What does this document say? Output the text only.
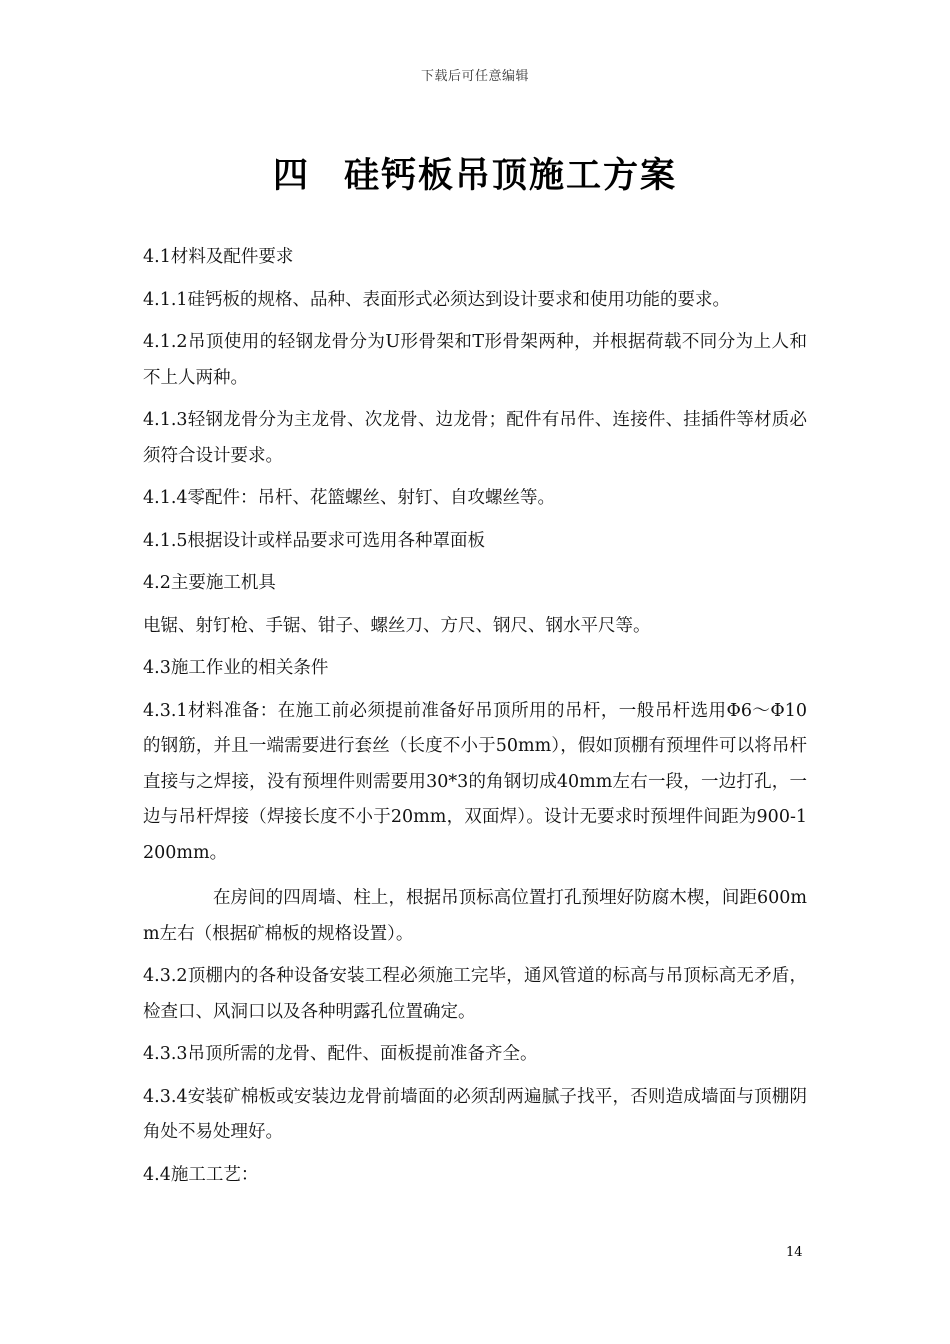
下载后可任意编辑
四 硅钙板吊顶施工方案

4.1材料及配件要求

4.1.1硅钙板的规格、品种、表面形式必须达到设计要求和使用功能的要求。

4.1.2吊顶使用的轻钢龙骨分为U形骨架和T形骨架两种，并根据荷载不同分为上人和不上人两种。

4.1.3轻钢龙骨分为主龙骨、次龙骨、边龙骨；配件有吊件、连接件、挂插件等材质必须符合设计要求。

4.1.4零配件：吊杆、花篮螺丝、射钉、自攻螺丝等。

4.1.5根据设计或样品要求可选用各种罩面板

4.2主要施工机具

电锯、射钉枪、手锯、钳子、螺丝刀、方尺、钢尺、钢水平尺等。

4.3施工作业的相关条件

4.3.1材料准备：在施工前必须提前准备好吊顶所用的吊杆，一般吊杆选用Φ6～Φ10的钢筋，并且一端需要进行套丝（长度不小于50mm），假如顶棚有预埋件可以将吊杆直接与之焊接，没有预埋件则需要用30*3的角钢切成40mm左右一段，一边打孔，一边与吊杆焊接（焊接长度不小于20mm，双面焊）。设计无要求时预埋件间距为900-1200mm。

在房间的四周墙、柱上，根据吊顶标高位置打孔预埋好防腐木楔，间距600mm左右（根据矿棉板的规格设置）。

4.3.2顶棚内的各种设备安装工程必须施工完毕，通风管道的标高与吊顶标高无矛盾，检查口、风洞口以及各种明露孔位置确定。

4.3.3吊顶所需的龙骨、配件、面板提前准备齐全。

4.3.4安装矿棉板或安装边龙骨前墙面的必须刮两遍腻子找平，否则造成墙面与顶棚阴角处不易处理好。

4.4施工工艺：

14
